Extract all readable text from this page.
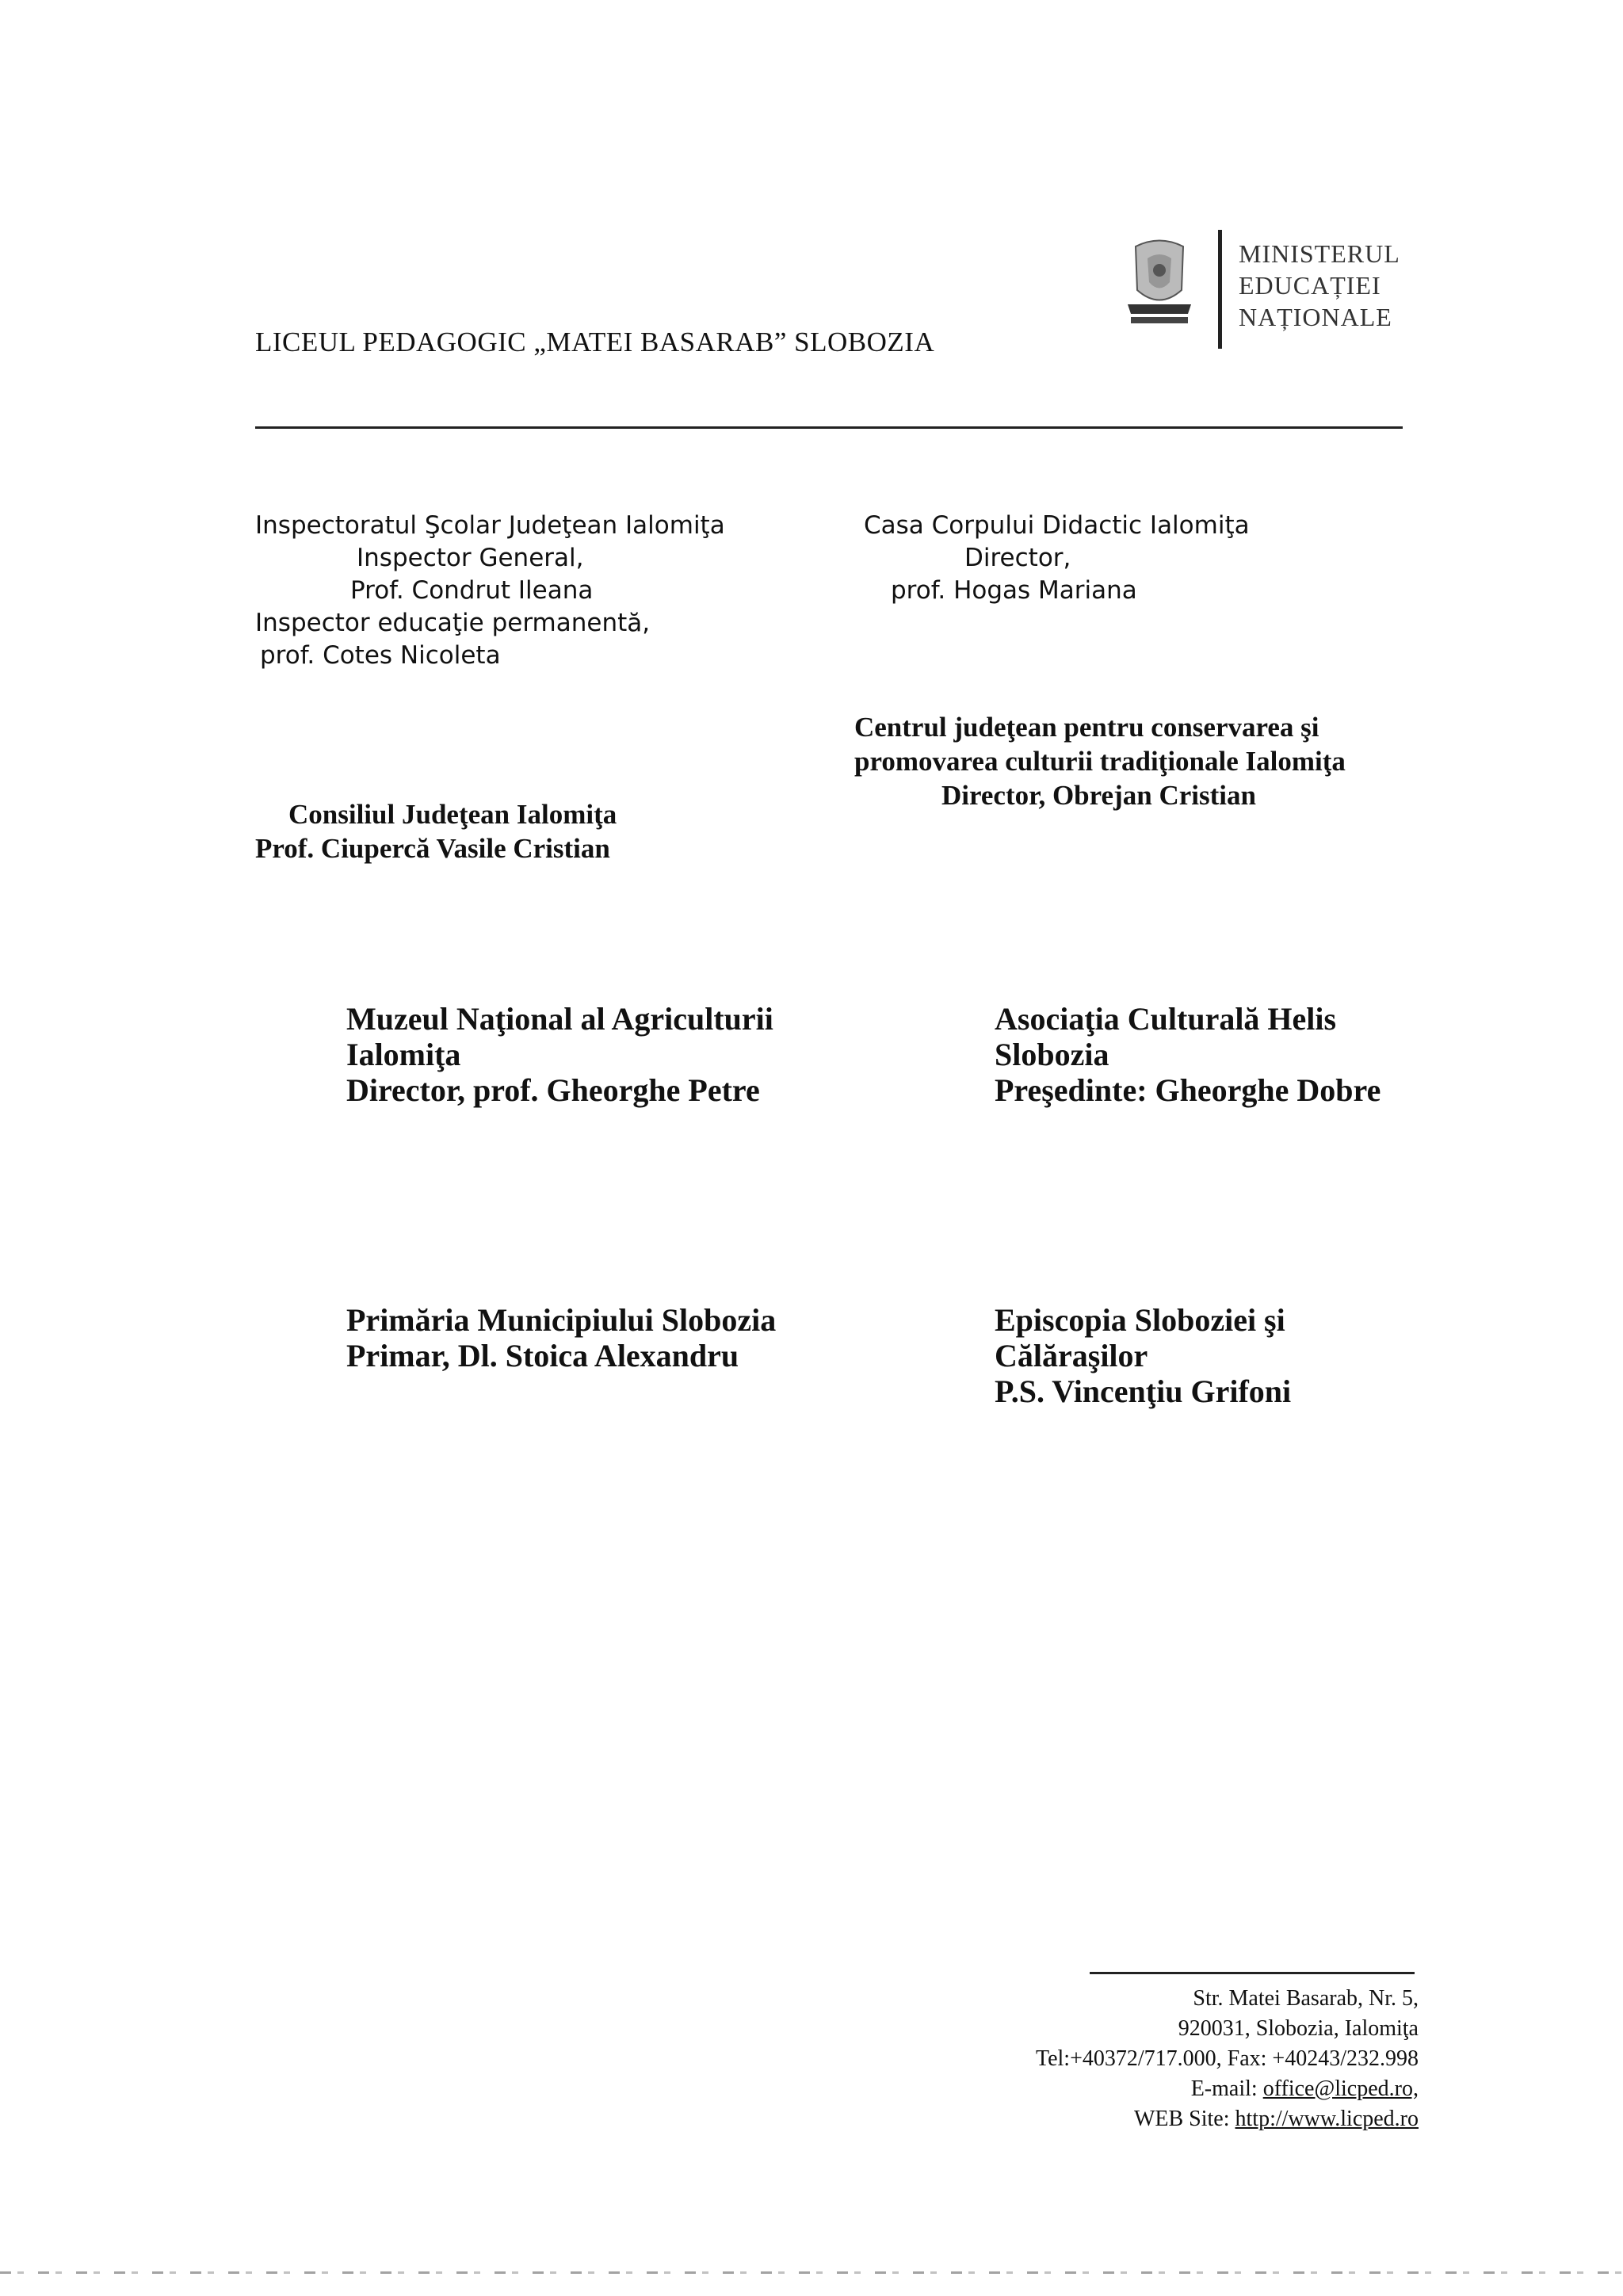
LICEUL PEDAGOGIC „MATEI BASARAB” SLOBOZIA
MINISTERUL
EDUCAȚIEI
NAȚIONALE
Inspectoratul Şcolar Judeţean Ialomiţa
Inspector General,
Prof. Condrut Ileana
Inspector educaţie permanentă,
prof. Cotes Nicoleta
Casa Corpului Didactic Ialomiţa
Director,
prof. Hogas Mariana
Centrul judeţean pentru conservarea şi
promovarea culturii tradiţionale Ialomiţa
Director, Obrejan Cristian
Consiliul Judeţean Ialomiţa
Prof. Ciupercă Vasile Cristian
Muzeul Naţional al Agriculturii
Ialomiţa
Director, prof. Gheorghe Petre
Asociaţia Culturală Helis
Slobozia
Preşedinte: Gheorghe Dobre
Primăria Municipiului Slobozia
Primar, Dl. Stoica Alexandru
Episcopia Sloboziei şi
Călăraşilor
P.S. Vincenţiu Grifoni
Str. Matei Basarab, Nr. 5,
920031, Slobozia, Ialomiţa
Tel:+40372/717.000, Fax: +40243/232.998
E-mail: office@licped.ro,
WEB Site: http://www.licped.ro
